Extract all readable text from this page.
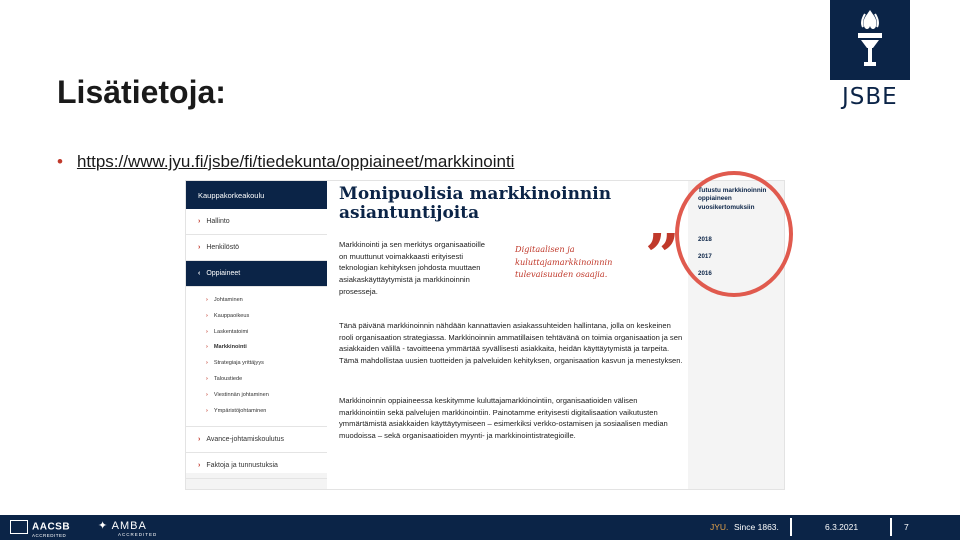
Lisätietoja:	JSBE
• https://www.jyu.fi/jsbe/fi/tiedekunta/oppiaineet/markkinointi
Kauppakorkeakoulu
› Hallinto
› Henkilöstö
‹ Oppiaineet
› Johtaminen
› Kauppaoikeus
› Laskentatoimi
› Markkinointi
› Strategiaja yrittäjyys
› Taloustiede
› Viestinnän johtaminen
› Ympäristöjohtaminen
› Avance-johtamiskoulutus
› Faktoja ja tunnustuksia
Monipuolisia markkinoinnin asiantuntijoita
Markkinointi ja sen merkitys organisaatioille on muuttunut voimakkaasti erityisesti teknologian kehityksen johdosta muuttaen asiakaskäyttäytymistä ja markkinoinnin prosesseja.
Digitaalisen ja kuluttajamarkkinoinnin tulevaisuuden osaajia. ”
Tänä päivänä markkinoinnin nähdään kannattavien asiakassuhteiden hallintana, jolla on keskeinen rooli organisaation strategiassa. Markkinoinnin ammatillaisen tehtävänä on toimia organisaation ja sen asiakkaiden välillä - tavoitteena ymmärtää syvällisesti asiakkaita, heidän käyttäytymistä ja tarpeita. Tämä mahdollistaa uusien tuotteiden ja palveluiden kehityksen, organisaation kasvun ja menestyksen.
Markkinoinnin oppiaineessa keskitymme kuluttajamarkkinointiin, organisaatioiden välisen markkinointiin sekä palvelujen markkinointiin. Painotamme erityisesti digitalisaation vaikutusten ymmärtämistä asiakkaiden käyttäytymiseen – esimerkiksi verkko-ostamisen ja sosiaalisen median muodoissa – sekä organisaatioiden myynti- ja markkinointistrategioille.
Tutustu markkinoinnin oppiaineen vuosikertomuksiin
2018
2017
2016
AACSB
ACCREDITED
✦ AMBA
ACCREDITED
JYU. Since 1863.	6.3.2021	7
